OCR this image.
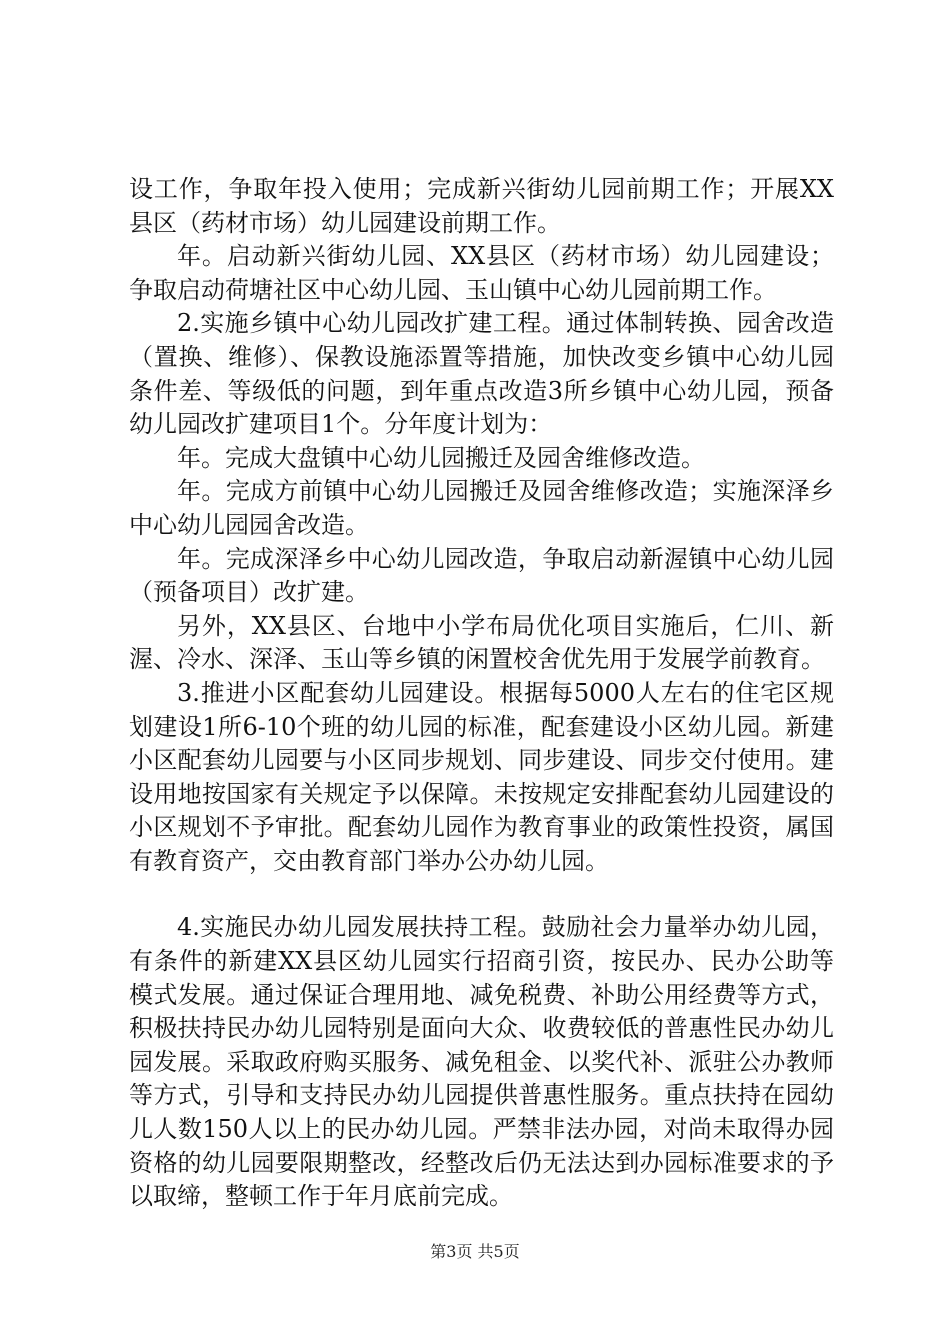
设工作，争取年投入使用；完成新兴街幼儿园前期工作；开展XX县区（药材市场）幼儿园建设前期工作。

年。启动新兴街幼儿园、XX县区（药材市场）幼儿园建设；争取启动荷塘社区中心幼儿园、玉山镇中心幼儿园前期工作。

2.实施乡镇中心幼儿园改扩建工程。通过体制转换、园舍改造（置换、维修）、保教设施添置等措施，加快改变乡镇中心幼儿园条件差、等级低的问题，到年重点改造3所乡镇中心幼儿园，预备幼儿园改扩建项目1个。分年度计划为：

年。完成大盘镇中心幼儿园搬迁及园舍维修改造。

年。完成方前镇中心幼儿园搬迁及园舍维修改造；实施深泽乡中心幼儿园园舍改造。

年。完成深泽乡中心幼儿园改造，争取启动新渥镇中心幼儿园（预备项目）改扩建。

另外，XX县区、台地中小学布局优化项目实施后，仁川、新渥、冷水、深泽、玉山等乡镇的闲置校舍优先用于发展学前教育。

3.推进小区配套幼儿园建设。根据每5000人左右的住宅区规划建设1所6-10个班的幼儿园的标准，配套建设小区幼儿园。新建小区配套幼儿园要与小区同步规划、同步建设、同步交付使用。建设用地按国家有关规定予以保障。未按规定安排配套幼儿园建设的小区规划不予审批。配套幼儿园作为教育事业的政策性投资，属国有教育资产，交由教育部门举办公办幼儿园。

4.实施民办幼儿园发展扶持工程。鼓励社会力量举办幼儿园，有条件的新建XX县区幼儿园实行招商引资，按民办、民办公助等模式发展。通过保证合理用地、减免税费、补助公用经费等方式，积极扶持民办幼儿园特别是面向大众、收费较低的普惠性民办幼儿园发展。采取政府购买服务、减免租金、以奖代补、派驻公办教师等方式，引导和支持民办幼儿园提供普惠性服务。重点扶持在园幼儿人数150人以上的民办幼儿园。严禁非法办园，对尚未取得办园资格的幼儿园要限期整改，经整改后仍无法达到办园标准要求的予以取缔，整顿工作于年月底前完成。

第3页 共5页
